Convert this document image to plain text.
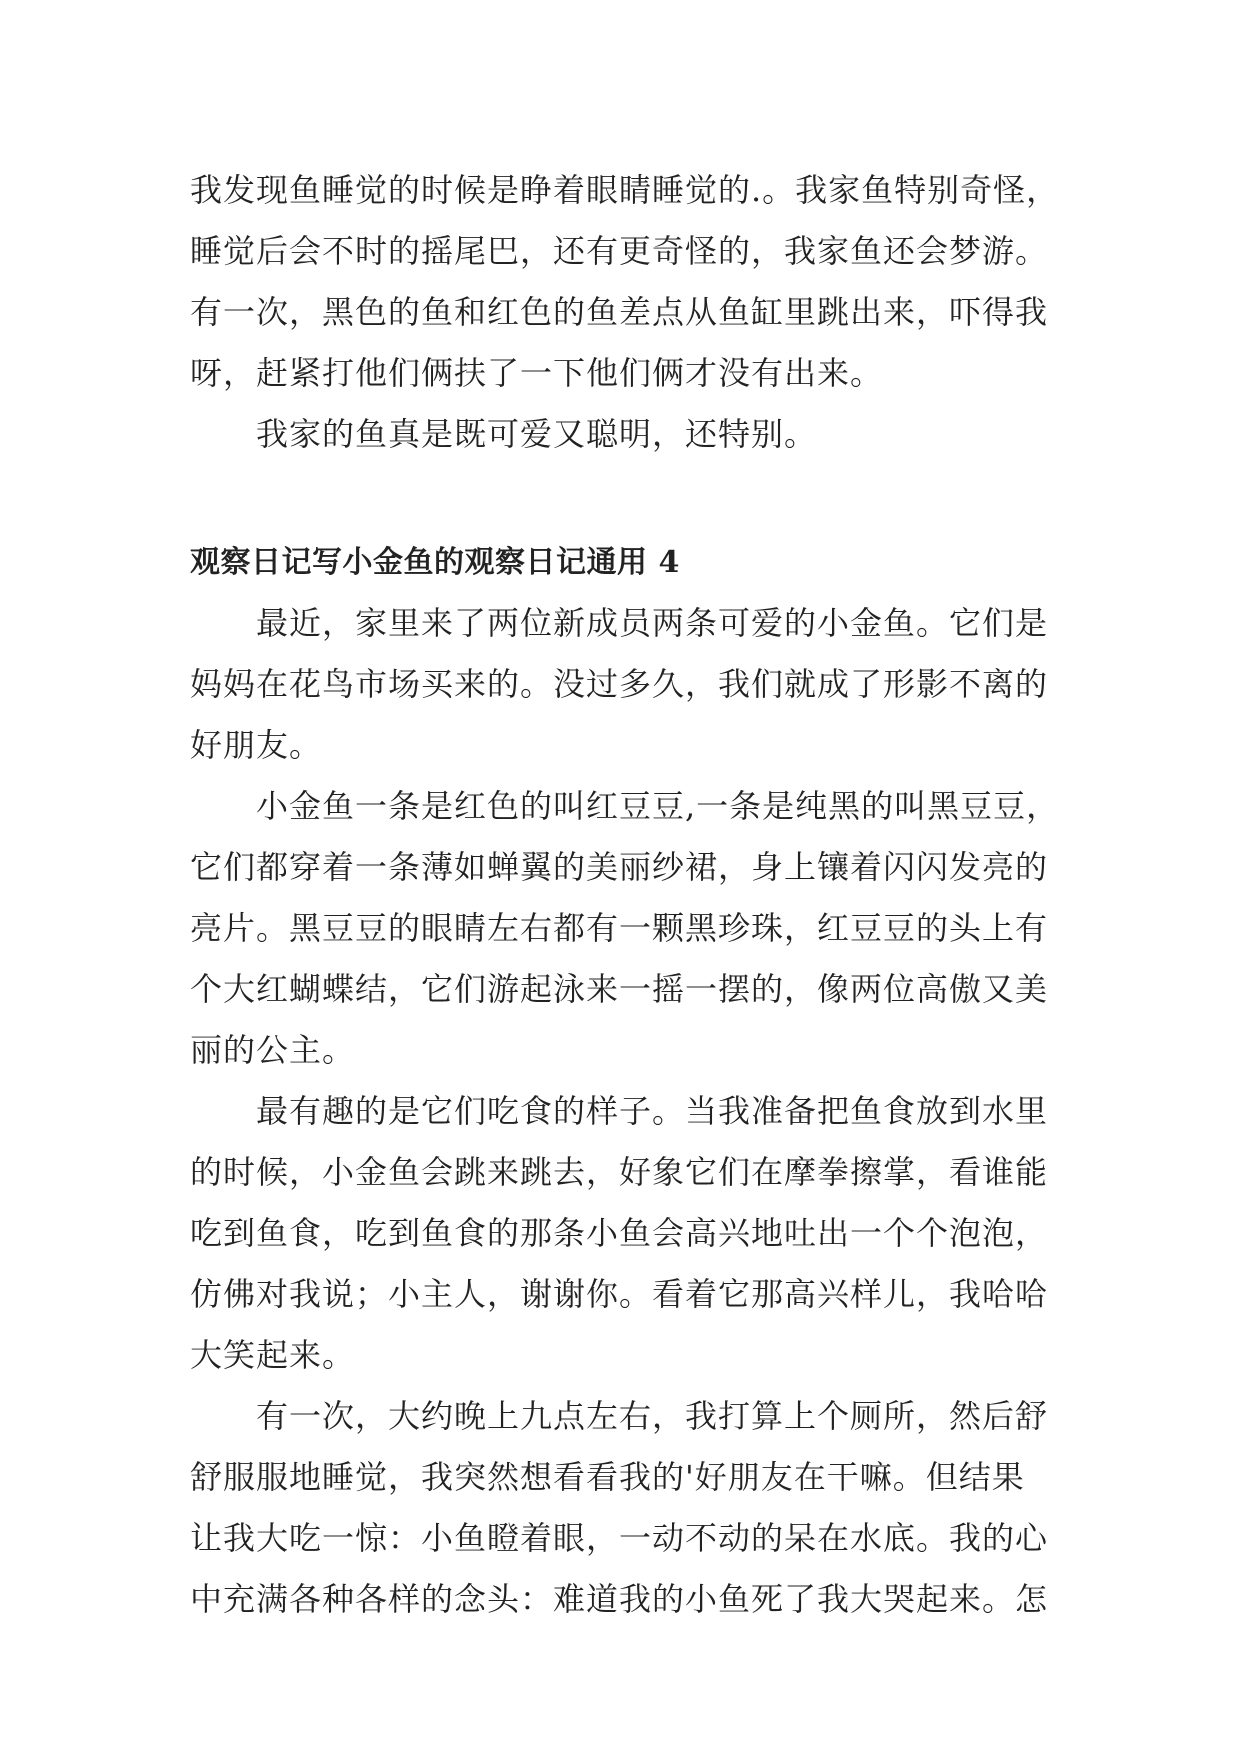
我发现鱼睡觉的时候是睁着眼睛睡觉的.。我家鱼特别奇怪，
睡觉后会不时的摇尾巴，还有更奇怪的，我家鱼还会梦游。
有一次，黑色的鱼和红色的鱼差点从鱼缸里跳出来，吓得我
呀，赶紧打他们俩扶了一下他们俩才没有出来。

我家的鱼真是既可爱又聪明，还特别。

观察日记写小金鱼的观察日记通用 4

最近，家里来了两位新成员两条可爱的小金鱼。它们是
妈妈在花鸟市场买来的。没过多久，我们就成了形影不离的
好朋友。

小金鱼一条是红色的叫红豆豆,一条是纯黑的叫黑豆豆，
它们都穿着一条薄如蝉翼的美丽纱裙，身上镶着闪闪发亮的
亮片。黑豆豆的眼睛左右都有一颗黑珍珠，红豆豆的头上有
个大红蝴蝶结，它们游起泳来一摇一摆的，像两位高傲又美
丽的公主。

最有趣的是它们吃食的样子。当我准备把鱼食放到水里
的时候，小金鱼会跳来跳去，好象它们在摩拳擦掌，看谁能
吃到鱼食，吃到鱼食的那条小鱼会高兴地吐出一个个泡泡，
仿佛对我说；小主人，谢谢你。看着它那高兴样儿，我哈哈
大笑起来。

有一次，大约晚上九点左右，我打算上个厕所，然后舒
舒服服地睡觉，我突然想看看我的'好朋友在干嘛。但结果
让我大吃一惊：小鱼瞪着眼，一动不动的呆在水底。我的心
中充满各种各样的念头：难道我的小鱼死了我大哭起来。怎
